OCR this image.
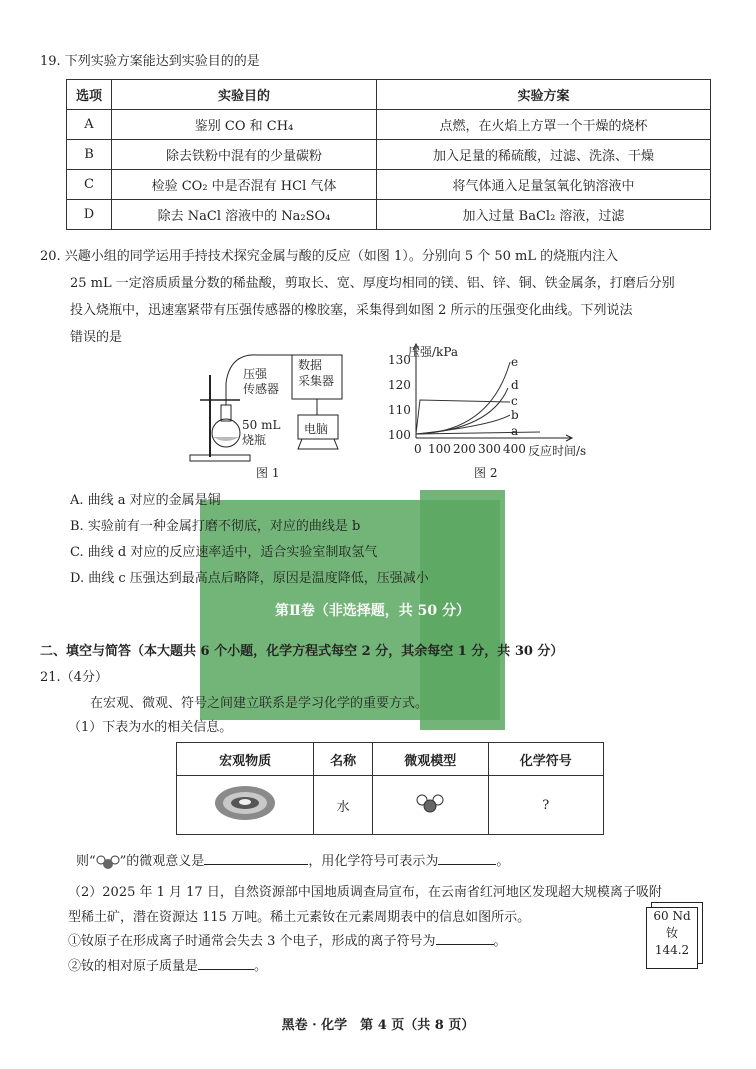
19. 下列实验方案能达到实验目的的是
选项	实验目的	实验方案
A	鉴别 CO 和 CH₄	点燃，在火焰上方罩一个干燥的烧杯
B	除去铁粉中混有的少量碳粉	加入足量的稀硫酸，过滤、洗涤、干燥
C	检验 CO₂ 中是否混有 HCl 气体	将气体通入足量氢氧化钠溶液中
D	除去 NaCl 溶液中的 Na₂SO₄	加入过量 BaCl₂ 溶液，过滤
20. 兴趣小组的同学运用手持技术探究金属与酸的反应（如图 1）。分别向 5 个 50 mL 的烧瓶内注入
25 mL 一定溶质质量分数的稀盐酸，剪取长、宽、厚度均相同的镁、铝、锌、铜、铁金属条，打磨后分别
投入烧瓶中，迅速塞紧带有压强传感器的橡胶塞，采集得到如图 2 所示的压强变化曲线。下列说法
错误的是
压强
传感器
数据
采集器
50 mL
烧瓶
电脑
图 1
压强/kPa
130
120
110
100
0 100 200 300 400 反应时间/s
e
d
c
b
a
图 2
A. 曲线 a 对应的金属是铜
B. 实验前有一种金属打磨不彻底，对应的曲线是 b
C. 曲线 d 对应的反应速率适中，适合实验室制取氢气
D. 曲线 c 压强达到最高点后略降，原因是温度降低，压强减小
第Ⅱ卷（非选择题，共 50 分）
二、填空与简答（本大题共 6 个小题，化学方程式每空 2 分，其余每空 1 分，共 30 分）
21.（4分）
在宏观、微观、符号之间建立联系是学习化学的重要方式。
（1）下表为水的相关信息。
宏观物质	名称	微观模型	化学符号
	水		?
则“ ”的微观意义是	，用化学符号可表示为	。
（2）2025 年 1 月 17 日，自然资源部中国地质调查局宣布，在云南省红河地区发现超大规模离子吸附
型稀土矿，潜在资源达 115 万吨。稀土元素钕在元素周期表中的信息如图所示。
①钕原子在形成离子时通常会失去 3 个电子，形成的离子符号为	。
②钕的相对原子质量是	。
60 Nd
钕
144.2
黑卷 · 化学　第 4 页（共 8 页）
